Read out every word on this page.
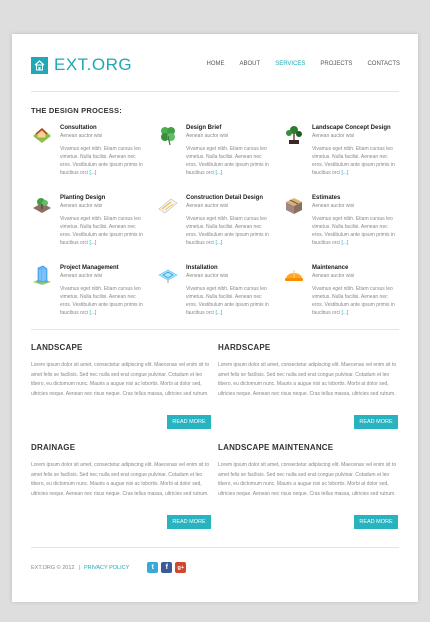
EXT.ORG	HOME	ABOUT	SERVICES	PROJECTS	CONTACTS
THE DESIGN PROCESS:
Consultation
Aenean auctor wisi
Vivamus eget nibh. Etiam cursus leo vimetus. Nulla facilisi. Aenean nec eros. Vestibulum ante ipsum primis in faucibus orci [...]
Design Brief
Aenean auctor wisi
Vivamus eget nibh. Etiam cursus leo vimetus. Nulla facilisi. Aenean nec eros. Vestibulum ante ipsum primis in faucibus orci [...]
Landscape Concept Design
Aenean auctor wisi
Vivamus eget nibh. Etiam cursus leo vimetus. Nulla facilisi. Aenean nec eros. Vestibulum ante ipsum primis in faucibus orci [...]
Planting Design
Aenean auctor wisi
Vivamus eget nibh. Etiam cursus leo vimetus. Nulla facilisi. Aenean nec eros. Vestibulum ante ipsum primis in faucibus orci [...]
Construction Detail Design
Aenean auctor wisi
Vivamus eget nibh. Etiam cursus leo vimetus. Nulla facilisi. Aenean nec eros. Vestibulum ante ipsum primis in faucibus orci [...]
Estimates
Aenean auctor wisi
Vivamus eget nibh. Etiam cursus leo vimetus. Nulla facilisi. Aenean nec eros. Vestibulum ante ipsum primis in faucibus orci [...]
Project Management
Aenean auctor wisi
Vivamus eget nibh. Etiam cursus leo vimetus. Nulla facilisi. Aenean nec eros. Vestibulum ante ipsum primis in faucibus orci [...]
Installation
Aenean auctor wisi
Vivamus eget nibh. Etiam cursus leo vimetus. Nulla facilisi. Aenean nec eros. Vestibulum ante ipsum primis in faucibus orci [...]
Maintenance
Aenean auctor wisi
Vivamus eget nibh. Etiam cursus leo vimetus. Nulla facilisi. Aenean nec eros. Vestibulum ante ipsum primis in faucibus orci [...]
LANDSCAPE
Lorem ipsum dolor sit amet, consectetur adipiscing elit. Maecenas vel enim sit to amet felis se facilisis. Sed nec nulla sed erat congue pulvinar. Cotadum et leo tibero, eu dictomum nunc. Mauris a augue nisi ac lobortis. Morbi at dolor sed, ultricies neque. Aenean nec risus neque. Cras tellus massa, ultricies sed rutrum.
READ MORE
HARDSCAPE
Lorem ipsum dolor sit amet, consectetur adipiscing elit. Maecenas vel enim sit to amet felis se facilisis. Sed nec nulla sed erat congue pulvinar. Cotadum et leo tibero, eu dictomum nunc. Mauris a augue nisi ac lobortis. Morbi at dolor sed, ultricies neque. Aenean nec risus neque. Cras tellus massa, ultricies sed rutrum.
READ MORE
DRAINAGE
Lorem ipsum dolor sit amet, consectetur adipiscing elit. Maecenas vel enim sit to amet felis se facilisis. Sed nec nulla sed erat congue pulvinar. Cotadum et leo tibero, eu dictomum nunc. Mauris a augue nisi ac lobortis. Morbi at dolor sed, ultricies neque. Aenean nec risus neque. Cras tellus massa, ultricies sed rutrum.
READ MORE
LANDSCAPE MAINTENANCE
Lorem ipsum dolor sit amet, consectetur adipiscing elit. Maecenas vel enim sit to amet felis se facilisis. Sed nec nulla sed erat congue pulvinar. Cotadum et leo tibero, eu dictomum nunc. Mauris a augue nisi ac lobortis. Morbi at dolor sed, ultricies neque. Aenean nec risus neque. Cras tellus massa, ultricies sed rutrum.
READ MORE
EXT.ORG © 2012 | PRIVACY POLICY	t	f	g+
